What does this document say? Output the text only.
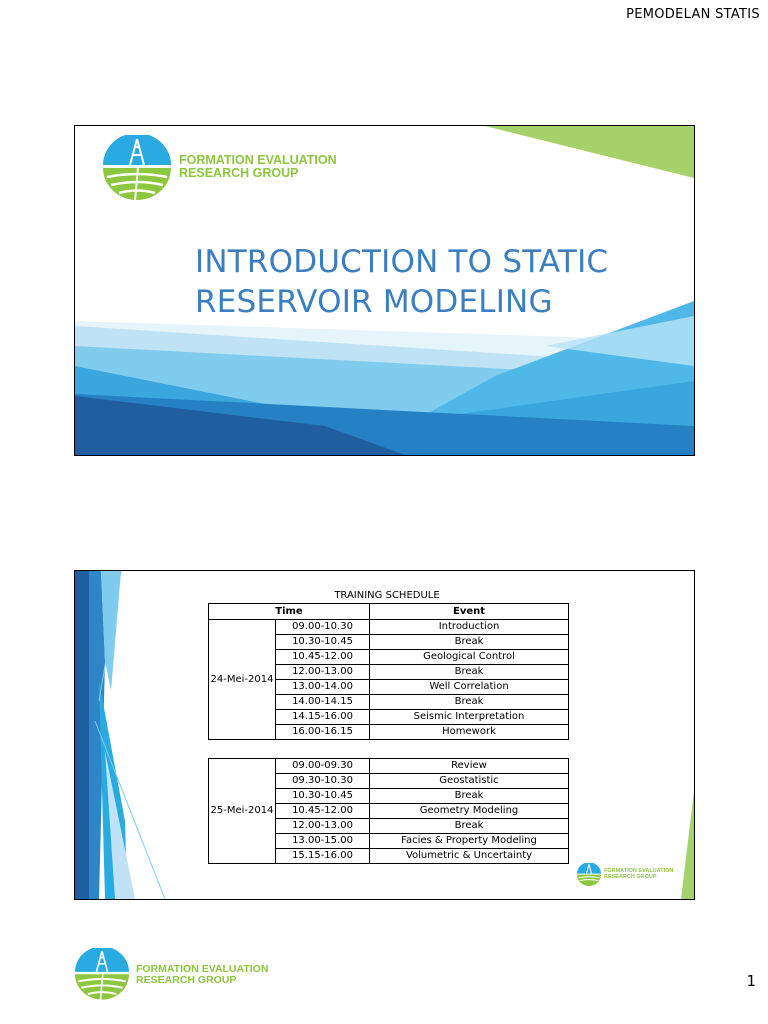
PEMODELAN STATIS
FORMATION EVALUATION
RESEARCH GROUP
INTRODUCTION TO STATIC
RESERVOIR MODELING
TRAINING SCHEDULE
Time		Event
24-Mei-2014	09.00-10.30	Introduction
	10.30-10.45	Break
	10.45-12.00	Geological Control
	12.00-13.00	Break
	13.00-14.00	Well Correlation
	14.00-14.15	Break
	14.15-16.00	Seismic Interpretation
	16.00-16.15	Homework
25-Mei-2014	09.00-09.30	Review
	09.30-10.30	Geostatistic
	10.30-10.45	Break
	10.45-12.00	Geometry Modeling
	12.00-13.00	Break
	13.00-15.00	Facies & Property Modeling
	15.15-16.00	Volumetric & Uncertainty
FORMATION EVALUATION
RESEARCH GROUP
FORMATION EVALUATION
RESEARCH GROUP	1
